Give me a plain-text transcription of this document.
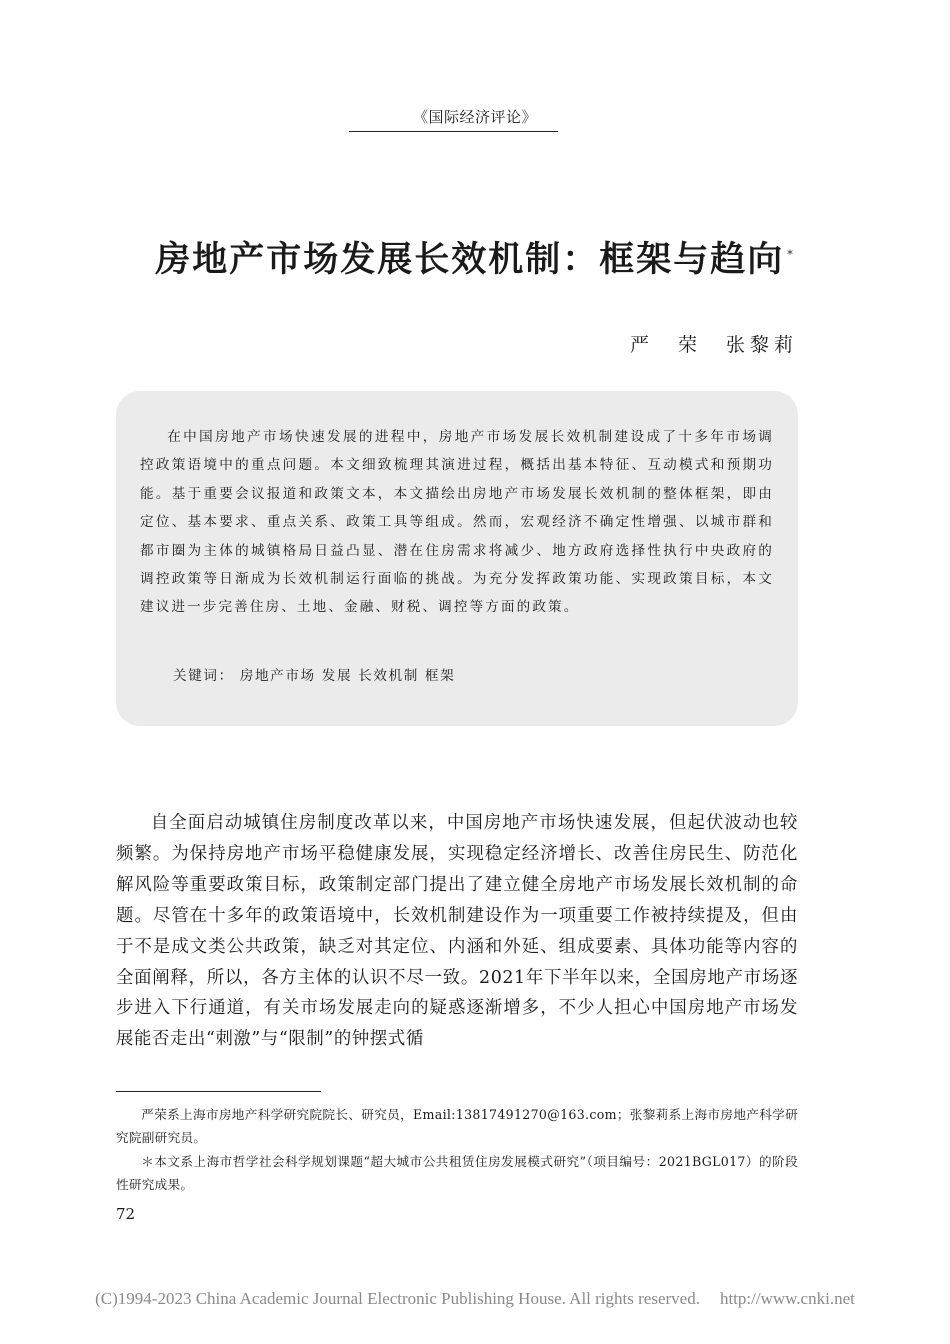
《国际经济评论》
房地产市场发展长效机制：框架与趋向 *
严　荣 张黎莉
在中国房地产市场快速发展的进程中，房地产市场发展长效机制建设成了十多年市场调控政策语境中的重点问题。本文细致梳理其演进过程，概括出基本特征、互动模式和预期功能。基于重要会议报道和政策文本，本文描绘出房地产市场发展长效机制的整体框架，即由定位、基本要求、重点关系、政策工具等组成。然而，宏观经济不确定性增强、以城市群和都市圈为主体的城镇格局日益凸显、潜在住房需求将减少、地方政府选择性执行中央政府的调控政策等日渐成为长效机制运行面临的挑战。为充分发挥政策功能、实现政策目标，本文建议进一步完善住房、土地、金融、财税、调控等方面的政策。
关键词： 房地产市场 发展 长效机制 框架
自全面启动城镇住房制度改革以来，中国房地产市场快速发展，但起伏波动也较频繁。为保持房地产市场平稳健康发展，实现稳定经济增长、改善住房民生、防范化解风险等重要政策目标，政策制定部门提出了建立健全房地产市场发展长效机制的命题。尽管在十多年的政策语境中，长效机制建设作为一项重要工作被持续提及，但由于不是成文类公共政策，缺乏对其定位、内涵和外延、组成要素、具体功能等内容的全面阐释，所以，各方主体的认识不尽一致。2021年下半年以来，全国房地产市场逐步进入下行通道，有关市场发展走向的疑惑逐渐增多，不少人担心中国房地产市场发展能否走出“刺激”与“限制”的钟摆式循
严荣系上海市房地产科学研究院院长、研究员，Email:13817491270@163.com；张黎莉系上海市房地产科学研究院副研究员。
＊本文系上海市哲学社会科学规划课题“超大城市公共租赁住房发展模式研究”（项目编号：2021BGL017）的阶段性研究成果。
72
(C)1994-2023 China Academic Journal Electronic Publishing House. All rights reserved. http://www.cnki.net
